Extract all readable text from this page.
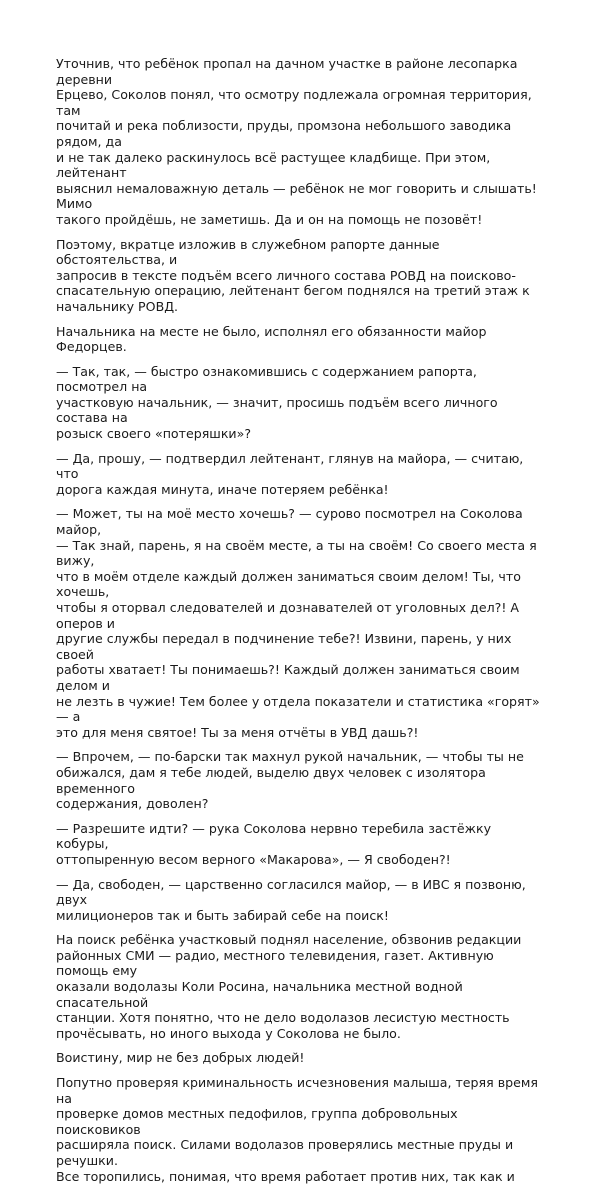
Уточнив, что ребёнок пропал на дачном участке в районе лесопарка деревни
Ерцево, Соколов понял, что осмотру подлежала огромная территория, там
почитай и река поблизости, пруды, промзона небольшого заводика рядом, да
и не так далеко раскинулось всё растущее кладбище. При этом, лейтенант
выяснил немаловажную деталь — ребёнок не мог говорить и слышать! Мимо
такого пройдёшь, не заметишь. Да и он на помощь не позовёт!

Поэтому, вкратце изложив в служебном рапорте данные обстоятельства, и
запросив в тексте подъём всего личного состава РОВД на поисково-
спасательную операцию, лейтенант бегом поднялся на третий этаж к
начальнику РОВД.

Начальника на месте не было, исполнял его обязанности майор Федорцев.

— Так, так, — быстро ознакомившись с содержанием рапорта, посмотрел на
участковую начальник, — значит, просишь подъём всего личного состава на
розыск своего «потеряшки»?

— Да, прошу, — подтвердил лейтенант, глянув на майора, — считаю, что
дорога каждая минута, иначе потеряем ребёнка!

— Может, ты на моё место хочешь? — сурово посмотрел на Соколова майор,
— Так знай, парень, я на своём месте, а ты на своём! Со своего места я вижу,
что в моём отделе каждый должен заниматься своим делом! Ты, что хочешь,
чтобы я оторвал следователей и дознавателей от уголовных дел?! А оперов и
другие службы передал в подчинение тебе?! Извини, парень, у них своей
работы хватает! Ты понимаешь?! Каждый должен заниматься своим делом и
не лезть в чужие! Тем более у отдела показатели и статистика «горят» — а
это для меня святое! Ты за меня отчёты в УВД дашь?!

— Впрочем, — по-барски так махнул рукой начальник, — чтобы ты не
обижался, дам я тебе людей, выделю двух человек с изолятора временного
содержания, доволен?

— Разрешите идти? — рука Соколова нервно теребила застёжку кобуры,
оттопыренную весом верного «Макарова», — Я свободен?!

— Да, свободен, — царственно согласился майор, — в ИВС я позвоню, двух
милиционеров так и быть забирай себе на поиск!

На поиск ребёнка участковый поднял население, обзвонив редакции
районных СМИ — радио, местного телевидения, газет. Активную помощь ему
оказали водолазы Коли Росина, начальника местной водной спасательной
станции. Хотя понятно, что не дело водолазов лесистую местность
прочёсывать, но иного выхода у Соколова не было.

Воистину, мир не без добрых людей!

Попутно проверяя криминальность исчезновения малыша, теряя время на
проверке домов местных педофилов, группа добровольных поисковиков
расширяла поиск. Силами водолазов проверялись местные пруды и речушки.
Все торопились, понимая, что время работает против них, так как и
